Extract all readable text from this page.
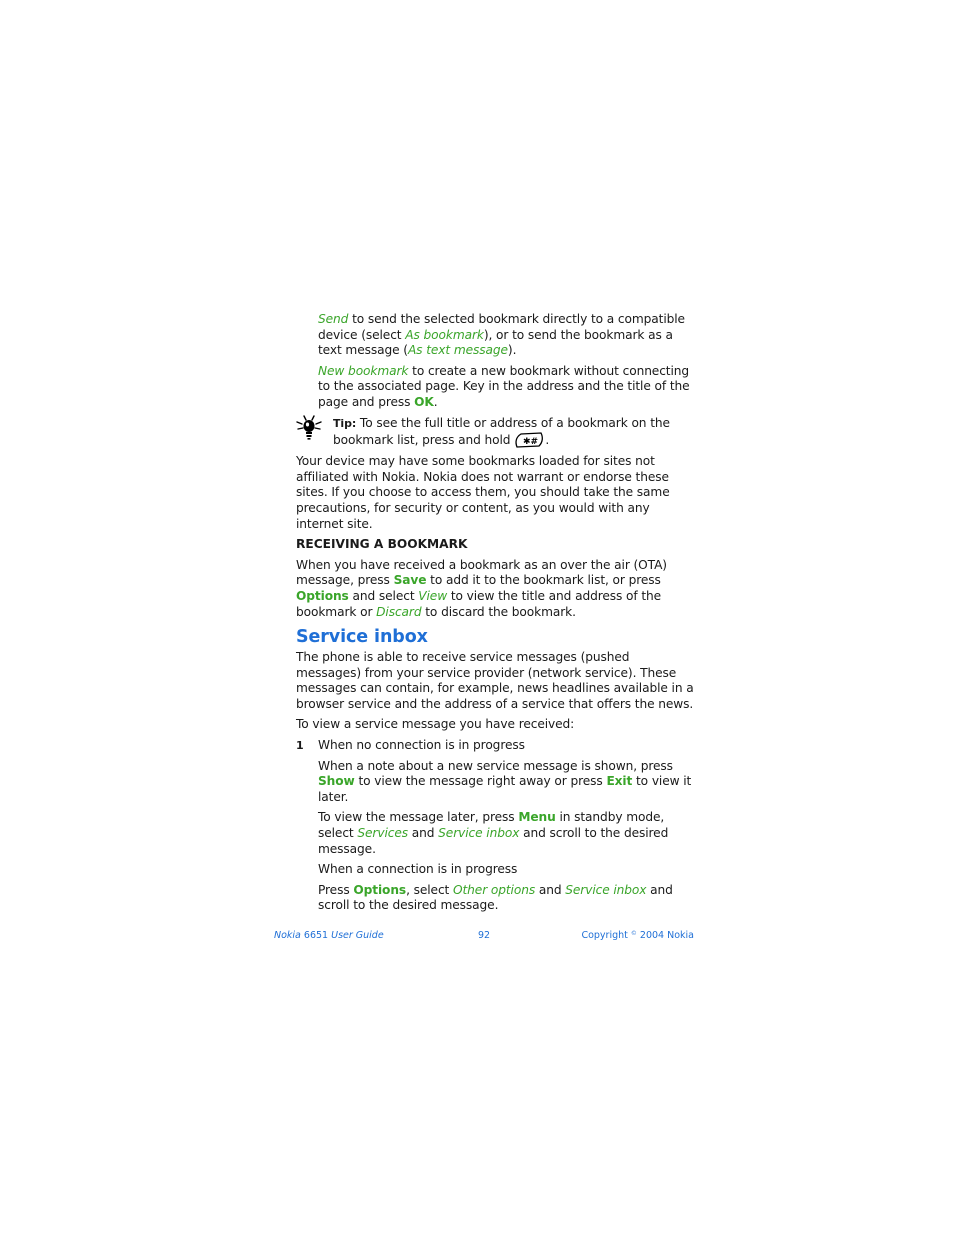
Send to send the selected bookmark directly to a compatible device (select As bookmark), or to send the bookmark as a text message (As text message).

New bookmark to create a new bookmark without connecting to the associated page. Key in the address and the title of the page and press OK.

Tip: To see the full title or address of a bookmark on the bookmark list, press and hold ✱# .

Your device may have some bookmarks loaded for sites not affiliated with Nokia. Nokia does not warrant or endorse these sites. If you choose to access them, you should take the same precautions, for security or content, as you would with any internet site.

RECEIVING A BOOKMARK

When you have received a bookmark as an over the air (OTA) message, press Save to add it to the bookmark list, or press Options and select View to view the title and address of the bookmark or Discard to discard the bookmark.

Service inbox

The phone is able to receive service messages (pushed messages) from your service provider (network service). These messages can contain, for example, news headlines available in a browser service and the address of a service that offers the news.

To view a service message you have received:

1 When no connection is in progress

When a note about a new service message is shown, press Show to view the message right away or press Exit to view it later.

To view the message later, press Menu in standby mode, select Services and Service inbox and scroll to the desired message.

When a connection is in progress

Press Options, select Other options and Service inbox and scroll to the desired message.

Nokia 6651 User Guide	92	Copyright © 2004 Nokia
